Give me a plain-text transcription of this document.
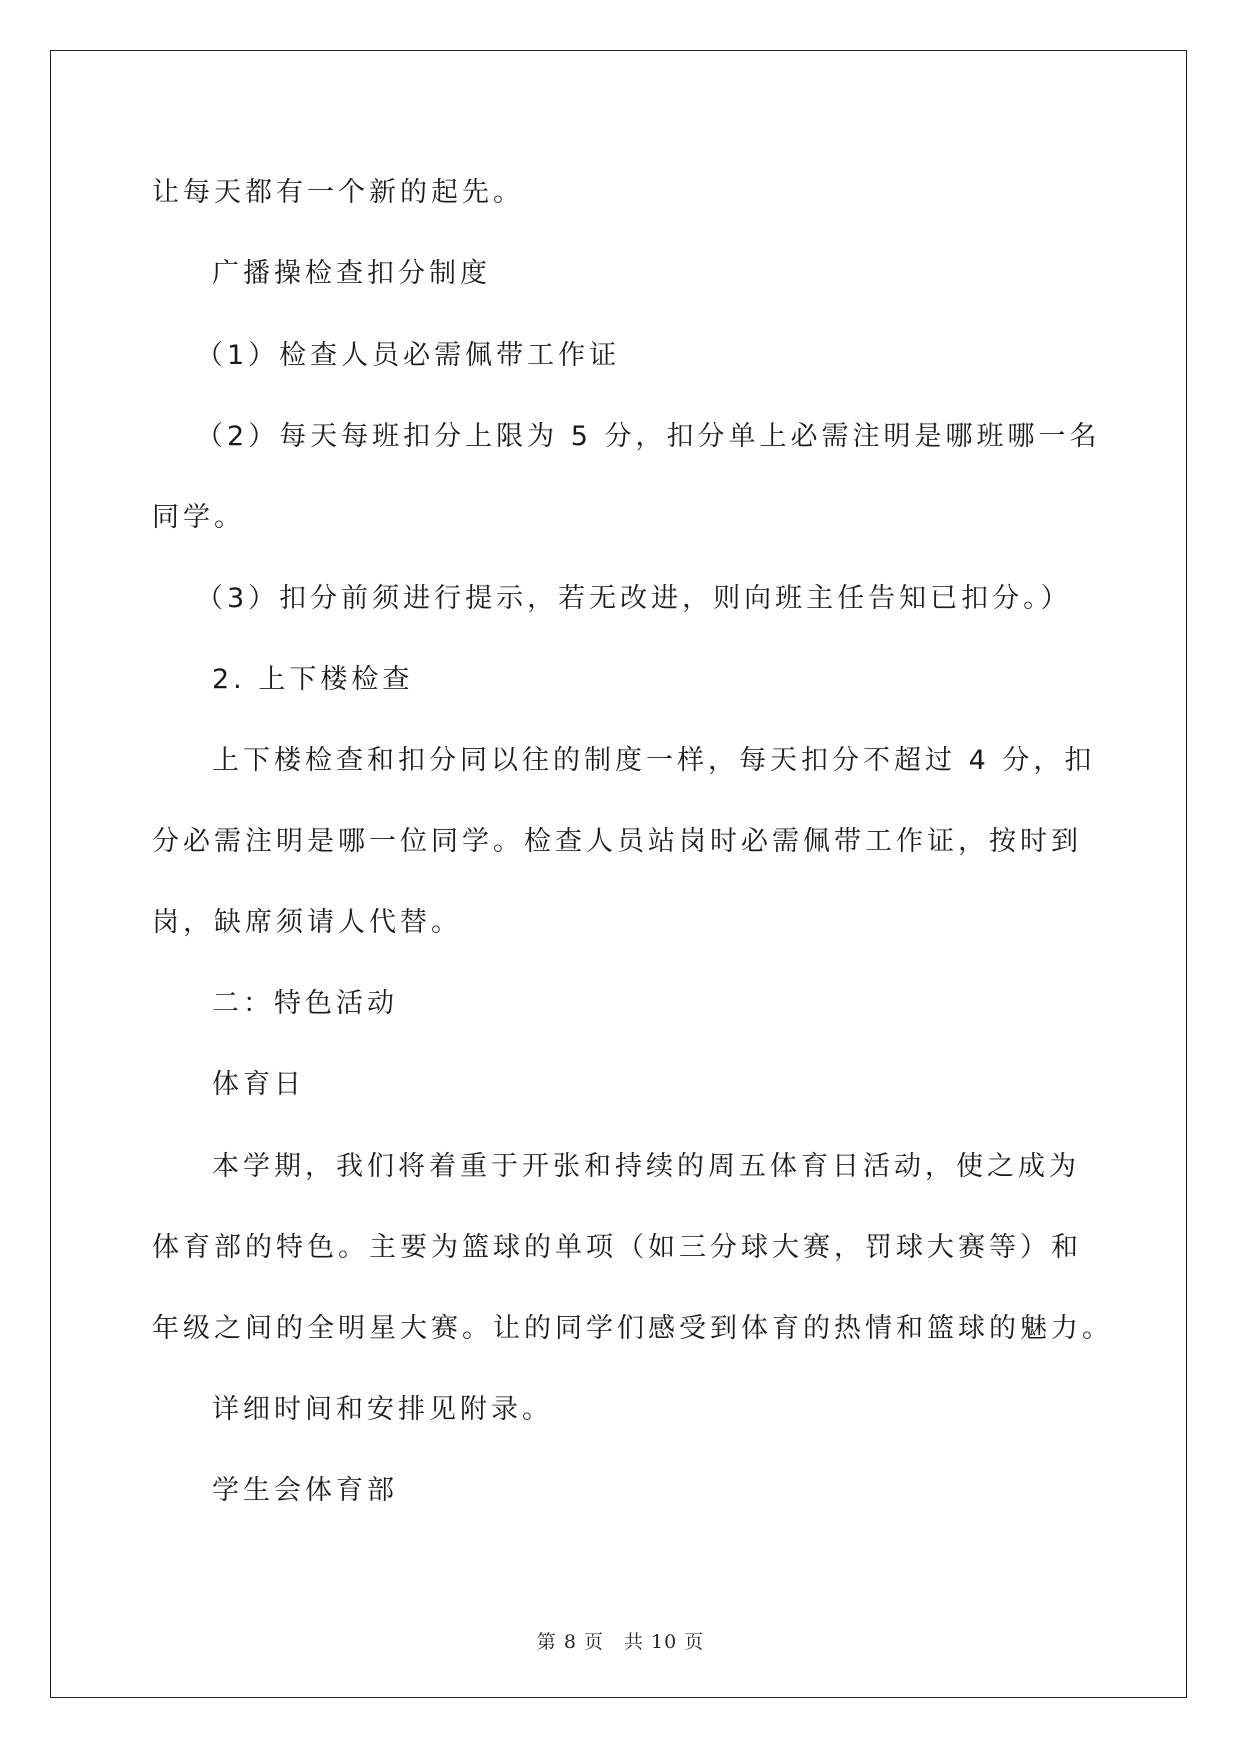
让每天都有一个新的起先。
广播操检查扣分制度
（1）检查人员必需佩带工作证
（2）每天每班扣分上限为 5 分，扣分单上必需注明是哪班哪一名
同学。
（3）扣分前须进行提示，若无改进，则向班主任告知已扣分。）
2. 上下楼检查
上下楼检查和扣分同以往的制度一样，每天扣分不超过 4 分，扣
分必需注明是哪一位同学。检查人员站岗时必需佩带工作证，按时到
岗，缺席须请人代替。
二：特色活动
体育日
本学期，我们将着重于开张和持续的周五体育日活动，使之成为
体育部的特色。主要为篮球的单项（如三分球大赛，罚球大赛等）和
年级之间的全明星大赛。让的同学们感受到体育的热情和篮球的魅力。
详细时间和安排见附录。
学生会体育部
第 8 页　共 10 页
